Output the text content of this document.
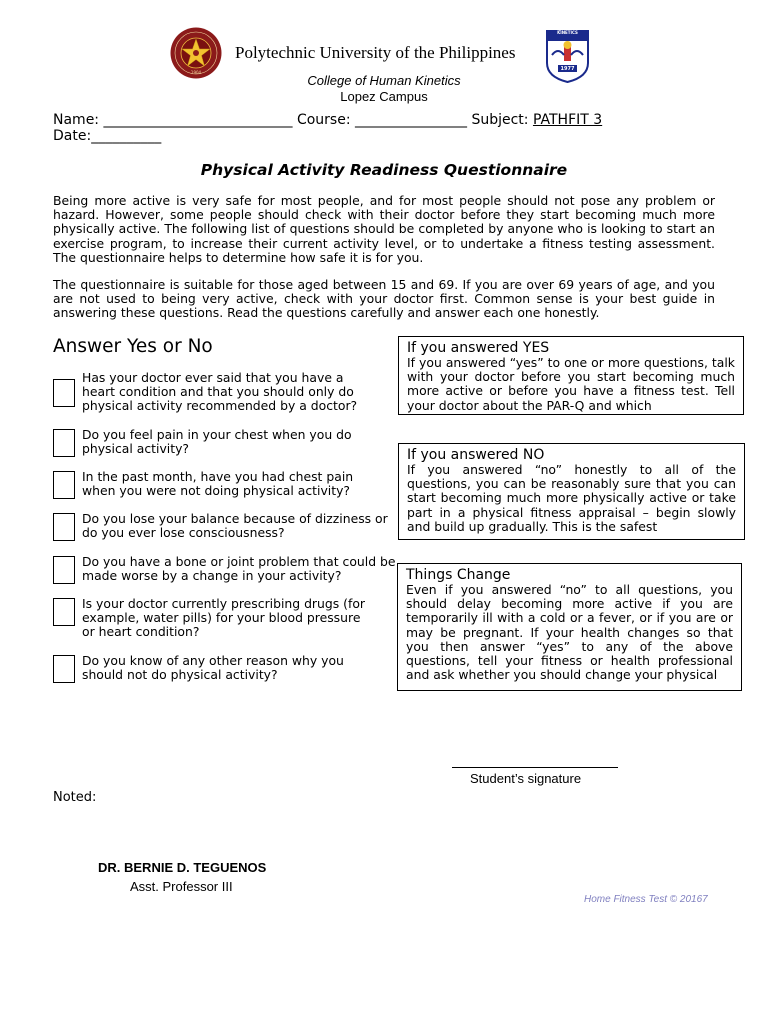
College of HUMAN KINETICS
1977
1904
Polytechnic University of the Philippines
College of Human Kinetics
Lopez Campus
Name: ___________________________ Course: ________________ Subject: PATHFIT 3
Date:__________
Physical Activity Readiness Questionnaire
Being more active is very safe for most people, and for most people should not pose any problem or hazard. However, some people should check with their doctor before they start becoming much more physically active. The following list of questions should be completed by anyone who is looking to start an exercise program, to increase their current activity level, or to undertake a fitness testing assessment. The questionnaire helps to determine how safe it is for you.
The questionnaire is suitable for those aged between 15 and 69. If you are over 69 years of age, and you are not used to being very active, check with your doctor first. Common sense is your best guide in answering these questions. Read the questions carefully and answer each one honestly.
Answer Yes or No
Has your doctor ever said that you have a
heart condition and that you should only do
physical activity recommended by a doctor?
Do you feel pain in your chest when you do
physical activity?
In the past month, have you had chest pain
when you were not doing physical activity?
Do you lose your balance because of dizziness or
do you ever lose consciousness?
Do you have a bone or joint problem that could be
made worse by a change in your activity?
Is your doctor currently prescribing drugs (for
example, water pills) for your blood pressure
or heart condition?
Do you know of any other reason why you
should not do physical activity?
If you answered YES
If you answered “yes” to one or more questions, talk with your doctor before you start becoming much more active or before you have a fitness test. Tell your doctor about the PAR-Q and which
If you answered NO
If you answered “no” honestly to all of the questions, you can be reasonably sure that you can start becoming much more physically active or take part in a physical fitness appraisal – begin slowly and build up gradually. This is the safest
Things Change
Even if you answered “no” to all questions, you should delay becoming more active if you are temporarily ill with a cold or a fever, or if you are or may be pregnant. If your health changes so that you then answer “yes” to any of the above questions, tell your fitness or health professional and ask whether you should change your physical
Student’s signature
Noted:
DR. BERNIE D. TEGUENOS
Asst. Professor III
Home Fitness Test © 20167
